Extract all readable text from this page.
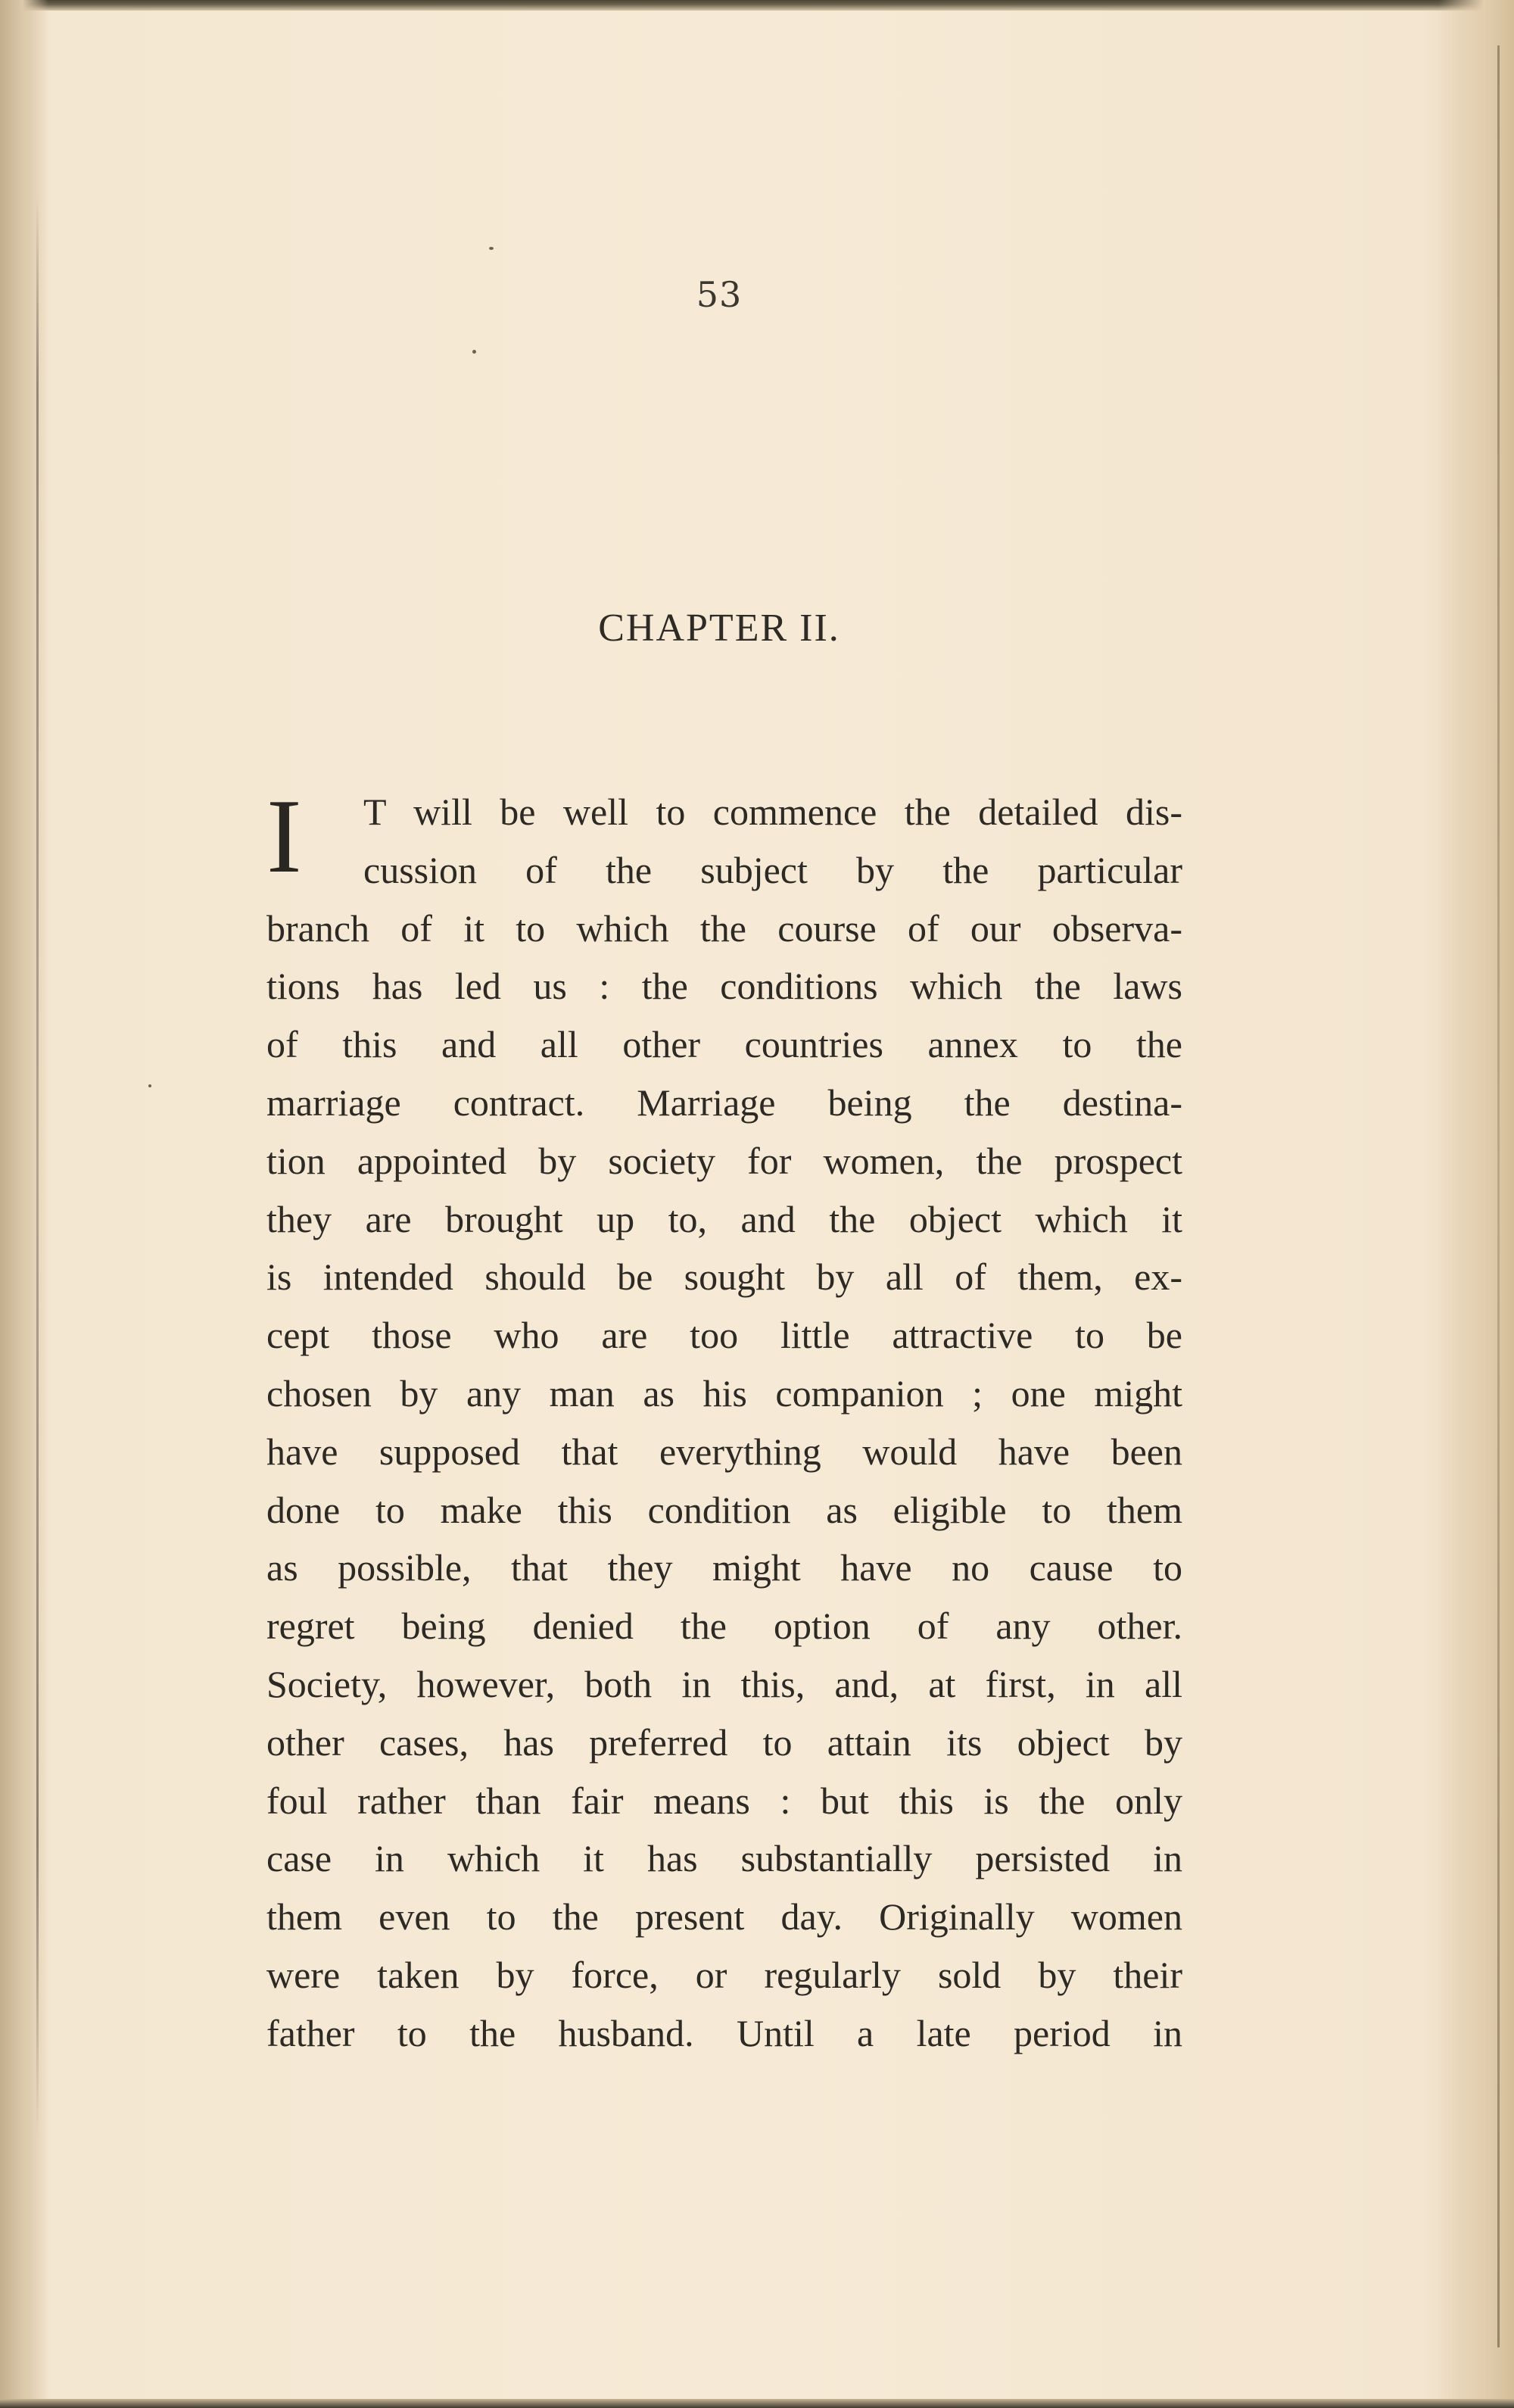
53
CHAPTER II.
I	T will be well to commence the detailed dis-
cussion of the subject by the particular
branch of it to which the course of our observa-
tions has led us : the conditions which the laws
of this and all other countries annex to the
marriage contract. Marriage being the destina-
tion appointed by society for women, the prospect
they are brought up to, and the object which it
is intended should be sought by all of them, ex-
cept those who are too little attractive to be
chosen by any man as his companion ; one might
have supposed that everything would have been
done to make this condition as eligible to them
as possible, that they might have no cause to
regret being denied the option of any other.
Society, however, both in this, and, at first, in all
other cases, has preferred to attain its object by
foul rather than fair means : but this is the only
case in which it has substantially persisted in
them even to the present day. Originally women
were taken by force, or regularly sold by their
father to the husband. Until a late period in
